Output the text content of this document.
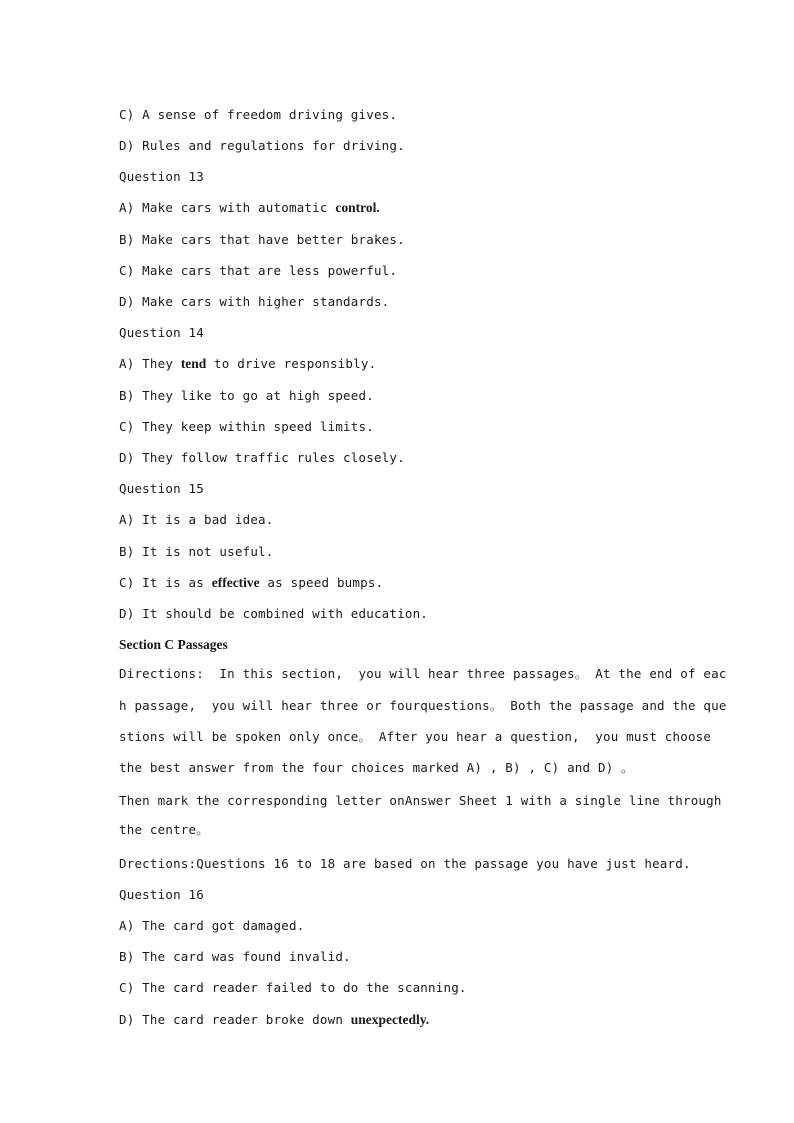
C) A sense of freedom driving gives.
D) Rules and regulations for driving.
Question 13
A) Make cars with automatic control.
B) Make cars that have better brakes.
C) Make cars that are less powerful.
D) Make cars with higher standards.
Question 14
A) They tend to drive responsibly.
B) They like to go at high speed.
C) They keep within speed limits.
D) They follow traffic rules closely.
Question 15
A) It is a bad idea.
B) It is not useful.
C) It is as effective as speed bumps.
D) It should be combined with education.
Section C Passages
Directions:  In this section,  you will hear three passages。 At the end of eac
h passage,  you will hear three or fourquestions。 Both the passage and the que
stions will be spoken only once。 After you hear a question,  you must choose
the best answer from the four choices marked A) , B) , C) and D) 。
Then mark the corresponding letter onAnswer Sheet 1 with a single line through
the centre。
Drections:Questions 16 to 18 are based on the passage you have just heard.
Question 16
A) The card got damaged.
B) The card was found invalid.
C) The card reader failed to do the scanning.
D) The card reader broke down unexpectedly.
